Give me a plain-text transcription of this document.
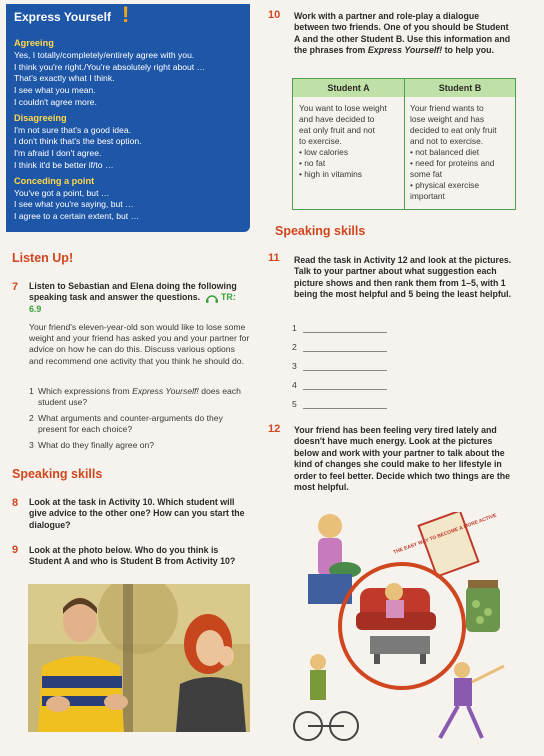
Express Yourself !
Agreeing
Yes, I totally/completely/entirely agree with you.
I think you're right./You're absolutely right about …
That's exactly what I think.
I see what you mean.
I couldn't agree more.
Disagreeing
I'm not sure that's a good idea.
I don't think that's the best option.
I'm afraid I don't agree.
I think it'd be better if/to …
Conceding a point
You've got a point, but …
I see what you're saying, but …
I agree to a certain extent, but …
Listen Up!
7 Listen to Sebastian and Elena doing the following speaking task and answer the questions. TR: 6.9
Your friend's eleven-year-old son would like to lose some weight and your friend has asked you and your partner for advice on how he can do this. Discuss various options and recommend one activity that you think he should do.
1 Which expressions from Express Yourself! does each student use?
2 What arguments and counter-arguments do they present for each choice?
3 What do they finally agree on?
Speaking skills
8 Look at the task in Activity 10. Which student will give advice to the other one? How can you start the dialogue?
9 Look at the photo below. Who do you think is Student A and who is Student B from Activity 10?
10 Work with a partner and role-play a dialogue between two friends. One of you should be Student A and the other Student B. Use this information and the phrases from Express Yourself! to help you.
Student A	Student B
You want to lose weight
and have decided to
eat only fruit and not
to exercise.
• low calories
• no fat
• high in vitamins
Your friend wants to
lose weight and has
decided to eat only fruit
and not to exercise.
• not balanced diet
• need for proteins and
some fat
• physical exercise
important
Speaking skills
11 Read the task in Activity 12 and look at the pictures. Talk to your partner about what suggestion each picture shows and then rank them from 1–5, with 1 being the most helpful and 5 being the least helpful.
1
2
3
4
5
12 Your friend has been feeling very tired lately and doesn't have much energy. Look at the pictures below and work with your partner to talk about the kind of changes she could make to her lifestyle in order to feel better. Decide which two things are the most helpful.
THE EASY WAY TO BECOME A MORE ACTIVE
